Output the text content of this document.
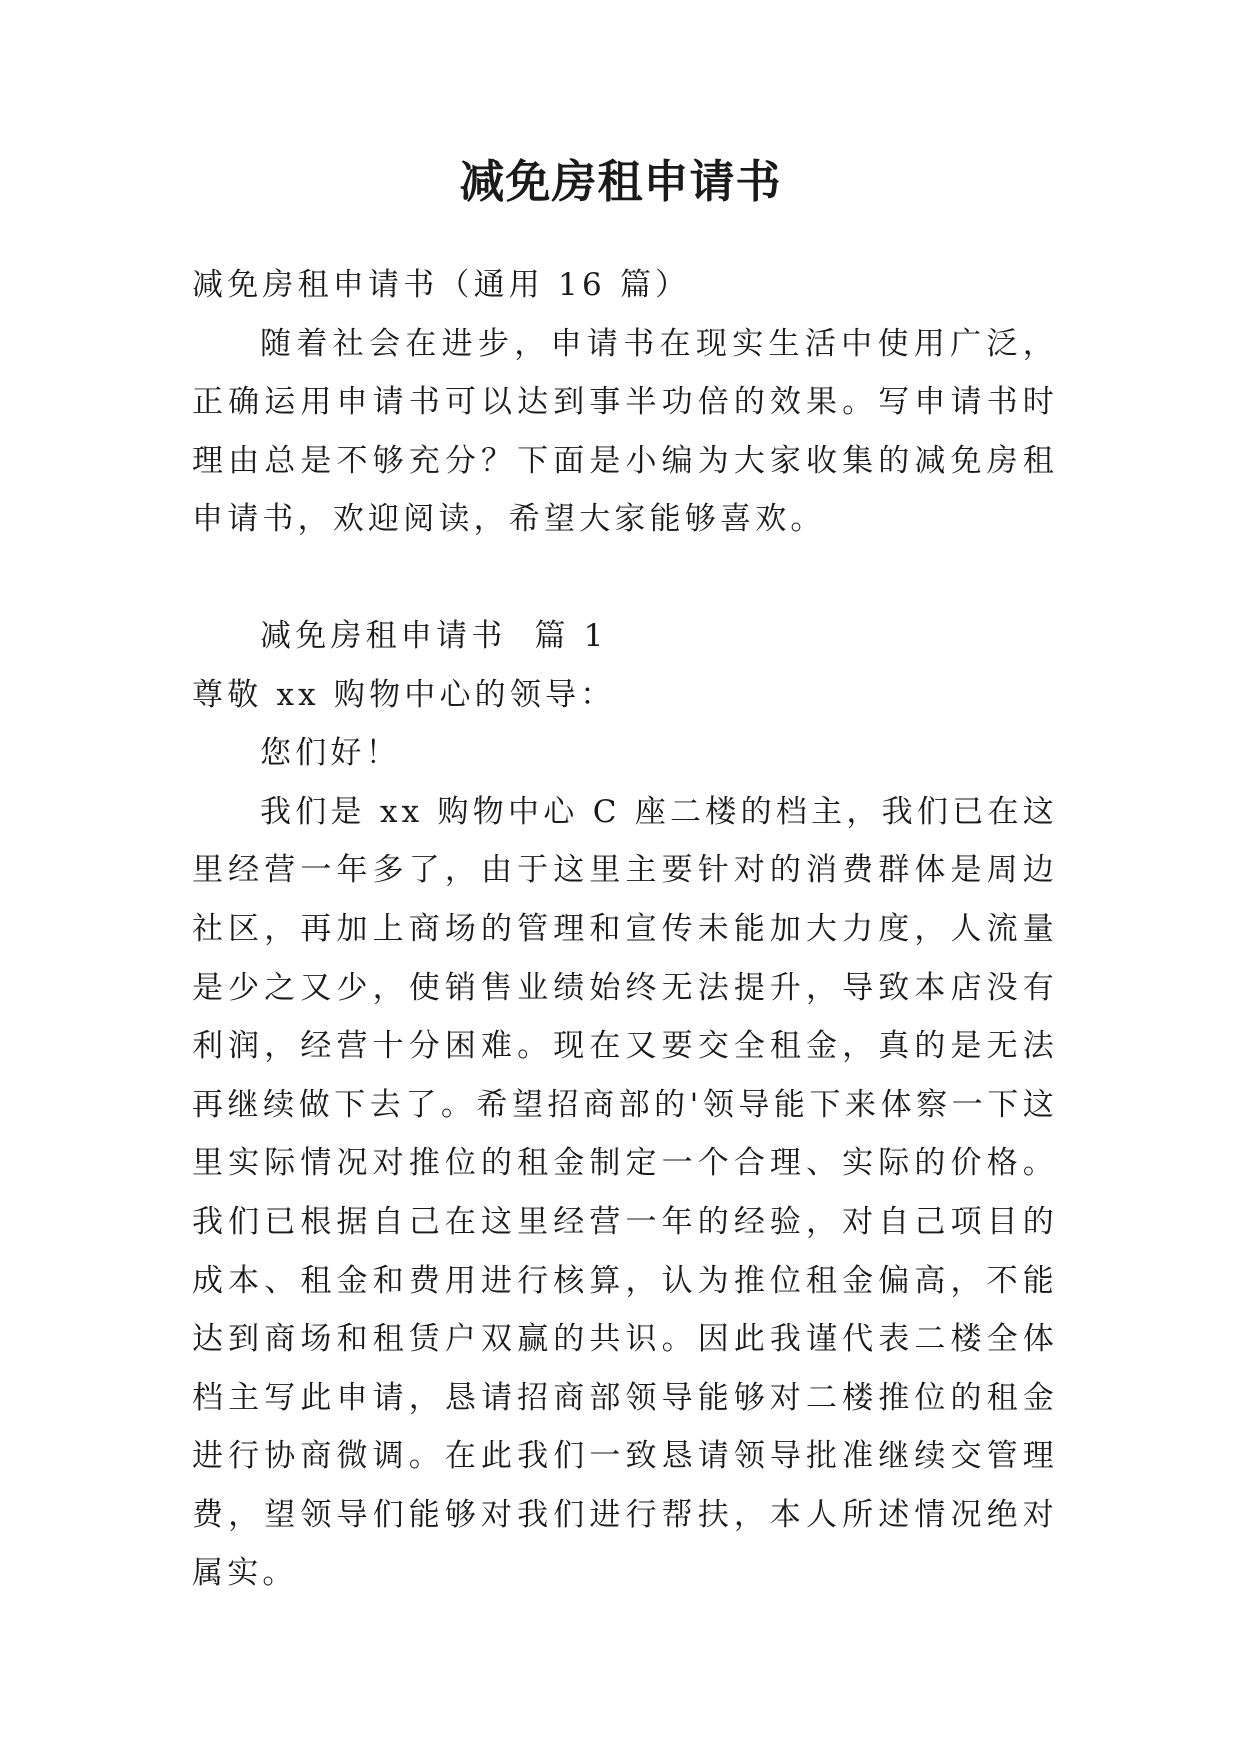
减免房租申请书

减免房租申请书（通用 16 篇）

随着社会在进步，申请书在现实生活中使用广泛，正确运用申请书可以达到事半功倍的效果。写申请书时理由总是不够充分？下面是小编为大家收集的减免房租申请书，欢迎阅读，希望大家能够喜欢。

减免房租申请书  篇 1

尊敬 xx 购物中心的领导：

您们好！

我们是 xx 购物中心 C 座二楼的档主，我们已在这里经营一年多了，由于这里主要针对的消费群体是周边社区，再加上商场的管理和宣传未能加大力度，人流量是少之又少，使销售业绩始终无法提升，导致本店没有利润，经营十分困难。现在又要交全租金，真的是无法再继续做下去了。希望招商部的'领导能下来体察一下这里实际情况对推位的租金制定一个合理、实际的价格。我们已根据自己在这里经营一年的经验，对自己项目的成本、租金和费用进行核算，认为推位租金偏高，不能达到商场和租赁户双赢的共识。因此我谨代表二楼全体档主写此申请，恳请招商部领导能够对二楼推位的租金进行协商微调。在此我们一致恳请领导批准继续交管理费，望领导们能够对我们进行帮扶，本人所述情况绝对属实。
